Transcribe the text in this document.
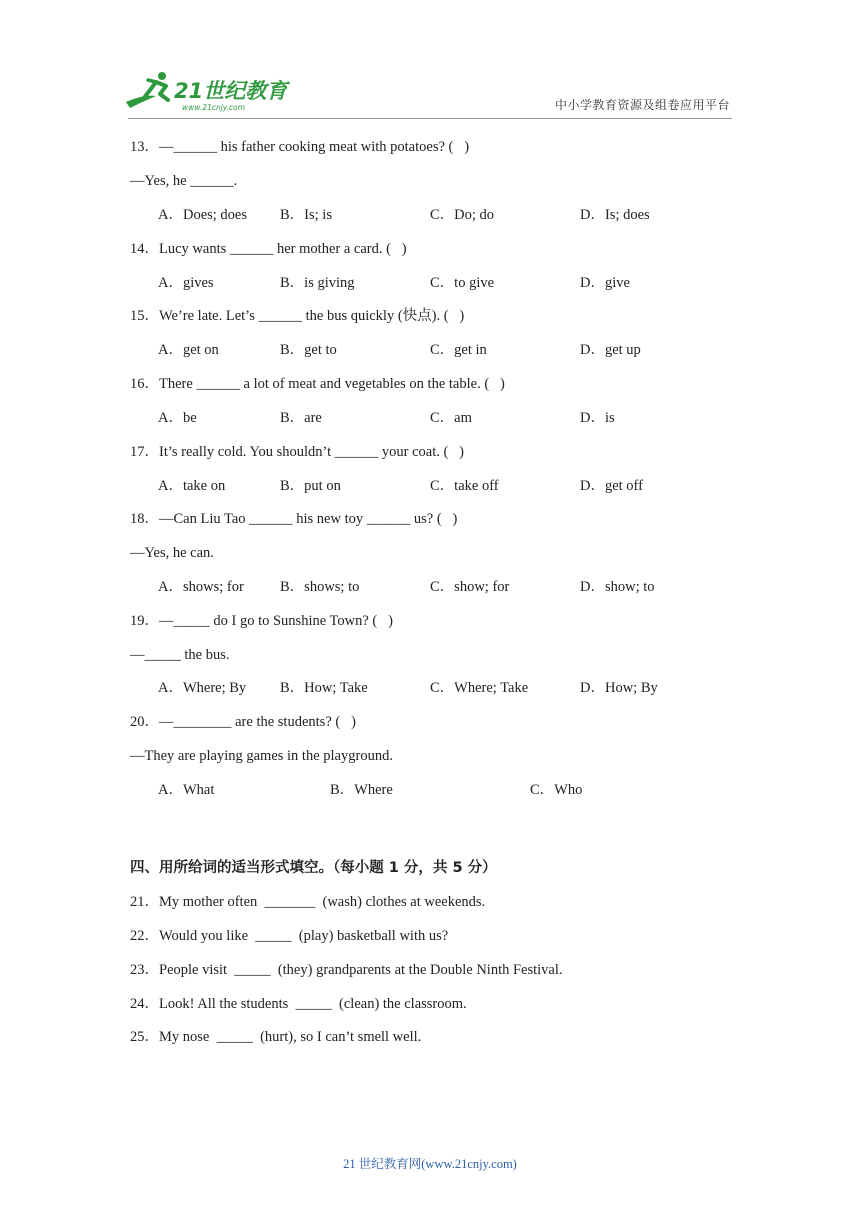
21世纪教育
www.21cnjy.com	中小学教育资源及组卷应用平台
13．—______ his father cooking meat with potatoes? (   )
—Yes, he ______.
A．Does; does B．Is; is	C．Do; do	D．Is; does
14．Lucy wants ______ her mother a card. (   )
A．gives	B．is giving	C．to give	D．give
15．We’re late. Let’s ______ the bus quickly (快点). (   )
A．get on	B．get to	C．get in	D．get up
16．There ______ a lot of meat and vegetables on the table. (   )
A．be	B．are	C．am	D．is
17．It’s really cold. You shouldn’t ______ your coat. (   )
A．take on	B．put on	C．take off	D．get off
18．—Can Liu Tao ______ his new toy ______ us? (   )
—Yes, he can.
A．shows; for B．shows; to	C．show; for	D．show; to
19．—_____ do I go to Sunshine Town? (   )
—_____ the bus.
A．Where; By B．How; Take	C．Where; Take	D．How; By
20．—________ are the students? (   )
—They are playing games in the playground.
A．What	B．Where	C．Who
四、用所给词的适当形式填空。（每小题 1 分，共 5 分）
21．My mother often  _______  (wash) clothes at weekends.
22．Would you like  _____  (play) basketball with us?
23．People visit  _____  (they) grandparents at the Double Ninth Festival.
24．Look! All the students  _____  (clean) the classroom.
25．My nose  _____  (hurt), so I can’t smell well.
21 世纪教育网(www.21cnjy.com)
